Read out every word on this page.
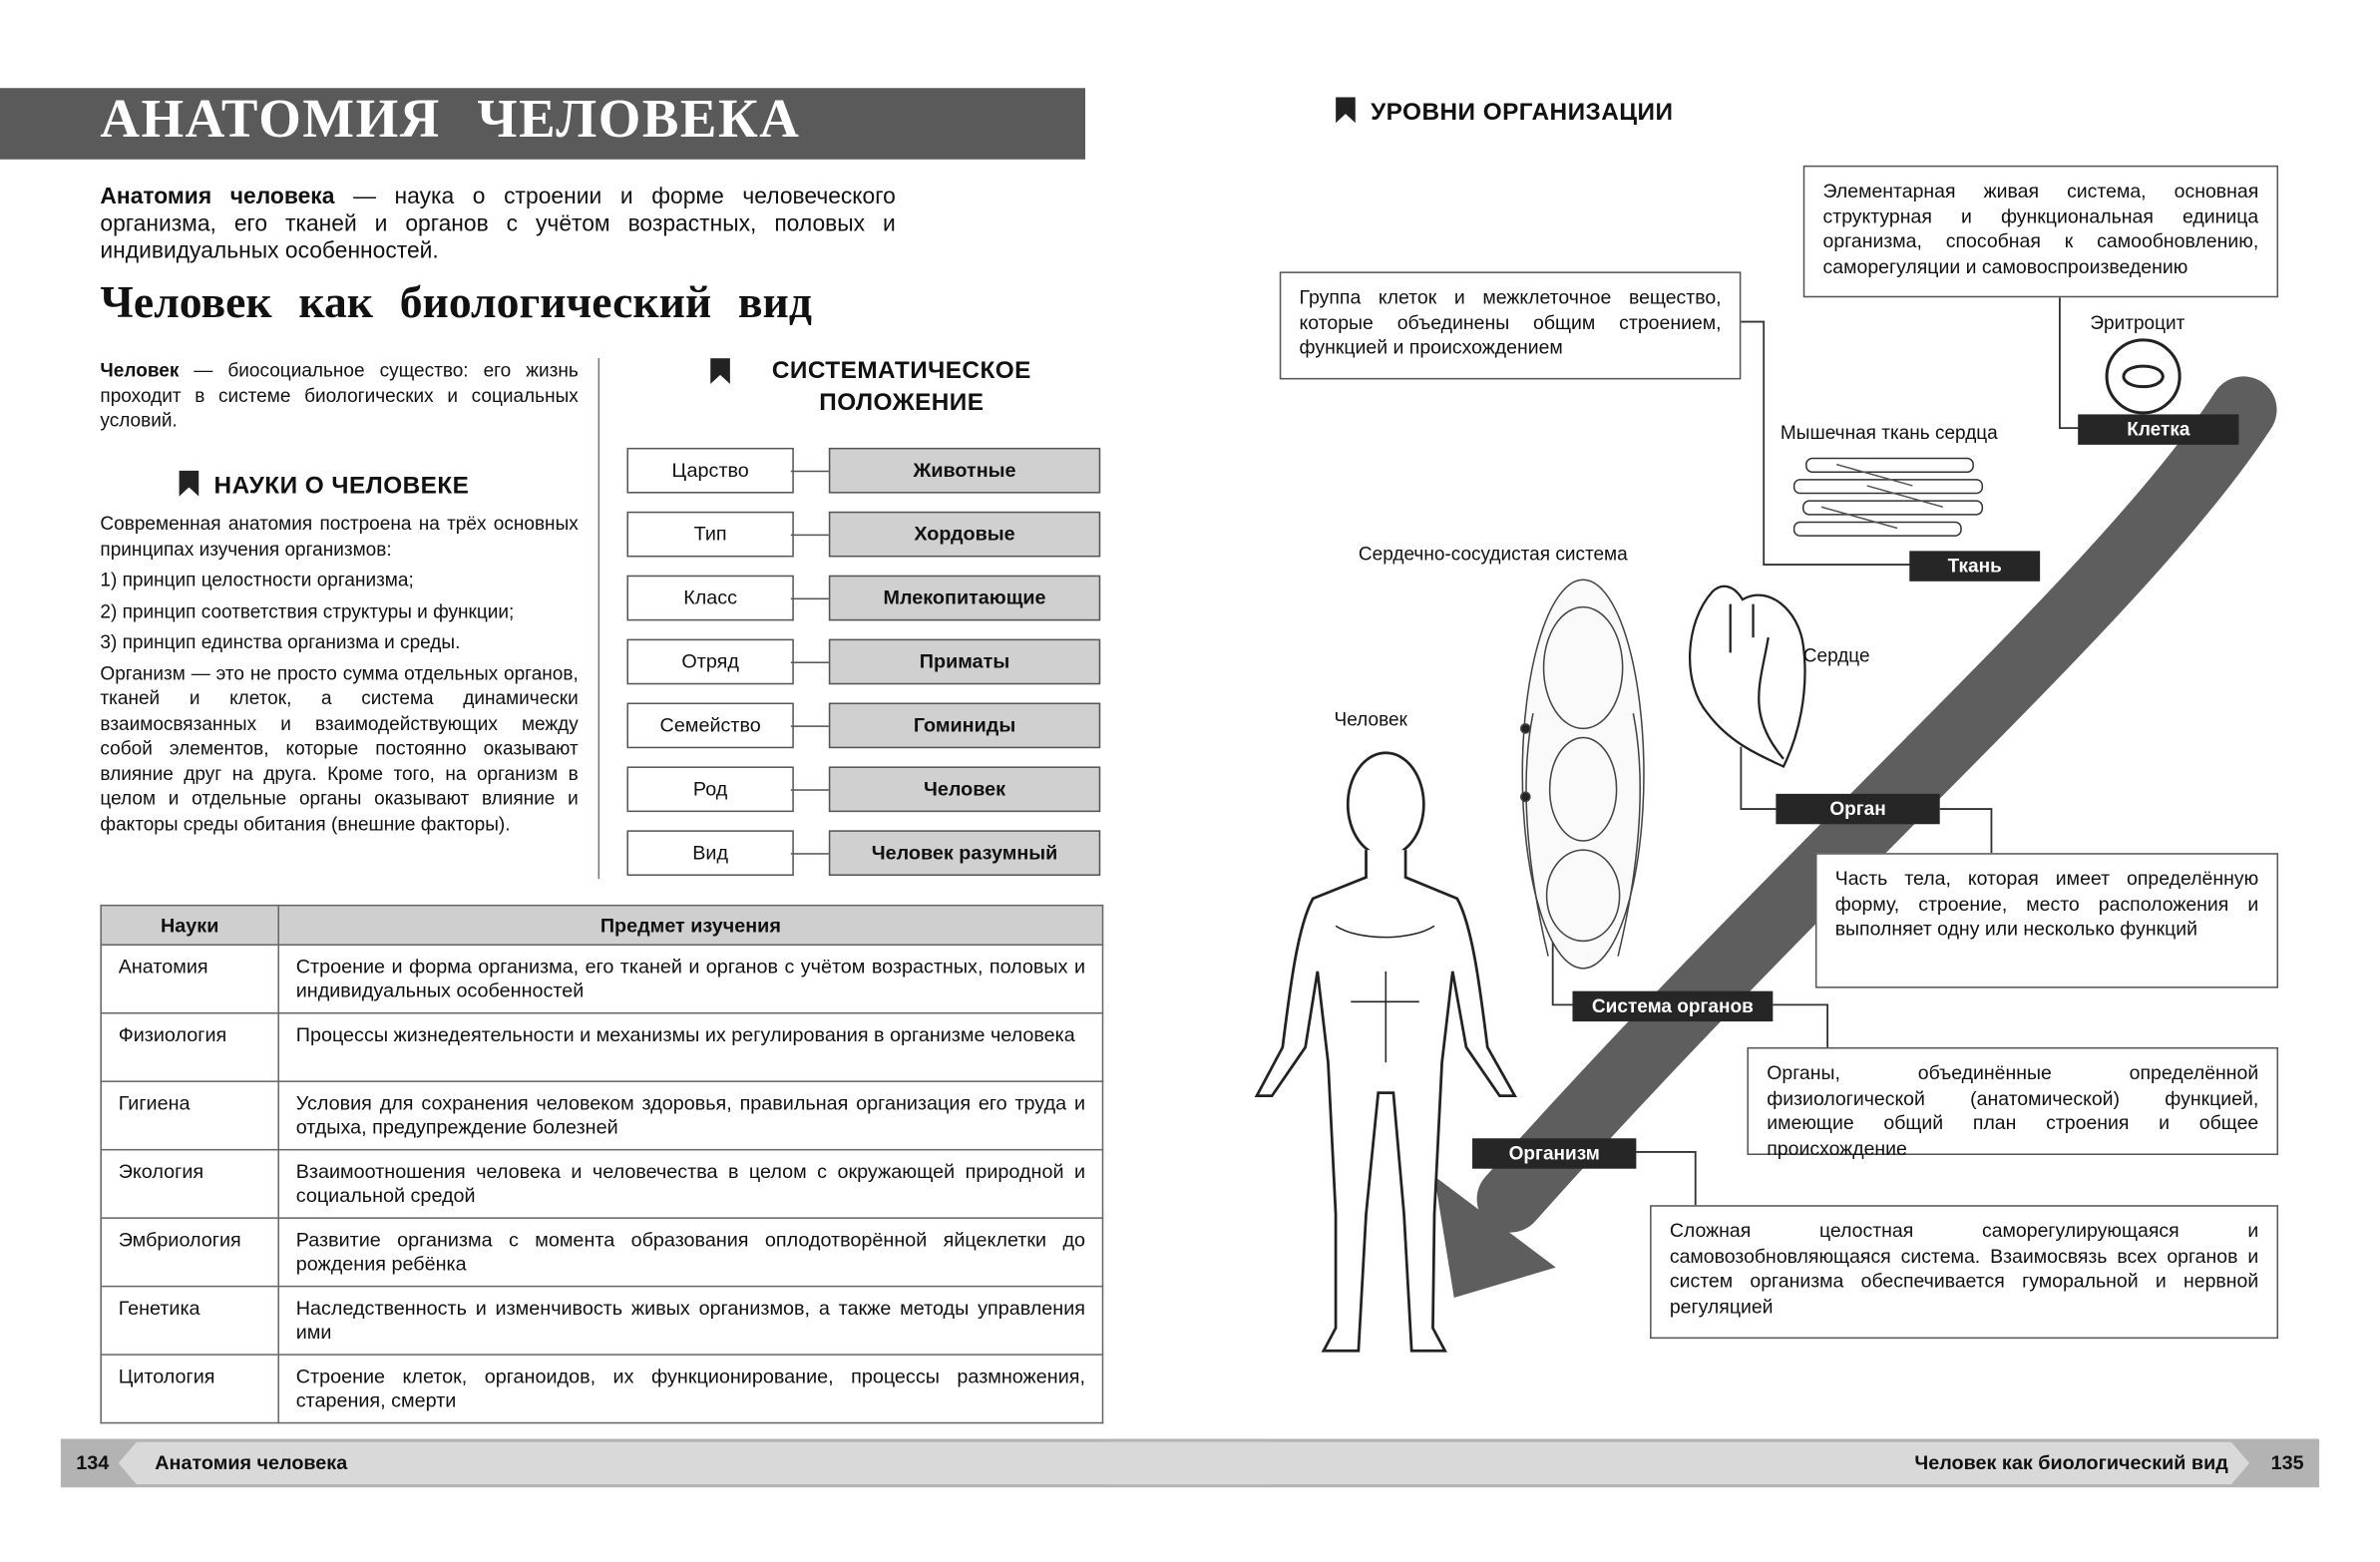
АНАТОМИЯ ЧЕЛОВЕКА
Анатомия человека — наука о строении и форме человеческого организма, его тканей и органов с учётом возрастных, половых и индивидуальных особенностей.
Человек как биологический вид
Человек — биосоциальное существо: его жизнь проходит в системе биологических и социальных условий.
НАУКИ О ЧЕЛОВЕКЕ
Современная анатомия построена на трёх основных принципах изучения организмов:
1) принцип целостности организма;
2) принцип соответствия структуры и функции;
3) принцип единства организма и среды.
Организм — это не просто сумма отдельных органов, тканей и клеток, а система динамически взаимосвязанных и взаимодействующих между собой элементов, которые постоянно оказывают влияние друг на друга. Кроме того, на организм в целом и отдельные органы оказывают влияние и факторы среды обитания (внешние факторы).
СИСТЕМАТИЧЕСКОЕ ПОЛОЖЕНИЕ
Царство	Животные
Тип	Хордовые
Класс	Млекопитающие
Отряд	Приматы
Семейство	Гоминиды
Род	Человек
Вид	Человек разумный
Науки	Предмет изучения
Анатомия	Строение и форма организма, его тканей и органов с учётом возрастных, половых и индивидуальных особенностей
Физиология	Процессы жизнедеятельности и механизмы их регулирования в организме человека
Гигиена	Условия для сохранения человеком здоровья, правильная организация его труда и отдыха, предупреждение болезней
Экология	Взаимоотношения человека и человечества в целом с окружающей природной и социальной средой
Эмбриология	Развитие организма с момента образования оплодотворённой яйцеклетки до рождения ребёнка
Генетика	Наследственность и изменчивость живых организмов, а также методы управления ими
Цитология	Строение клеток, органоидов, их функционирование, процессы размножения, старения, смерти
134	Анатомия человека	Человек как биологический вид	135
УРОВНИ ОРГАНИЗАЦИИ
Элементарная живая система, основная структурная и функциональная единица организма, способная к самообновлению, саморегуляции и самовоспроизведению
Группа клеток и межклеточное вещество, которые объединены общим строением, функцией и происхождением
Часть тела, которая имеет определённую форму, строение, место расположения и выполняет одну или несколько функций
Органы, объединённые определённой физиологической (анатомической) функцией, имеющие общий план строения и общее происхождение
Сложная целостная саморегулирующаяся и самовозобновляющаяся система. Взаимосвязь всех органов и систем организма обеспечивается гуморальной и нервной регуляцией
Эритроцит
Мышечная ткань сердца
Сердечно-сосудистая система
Сердце
Человек
Клетка
Ткань
Орган
Система органов
Организм
